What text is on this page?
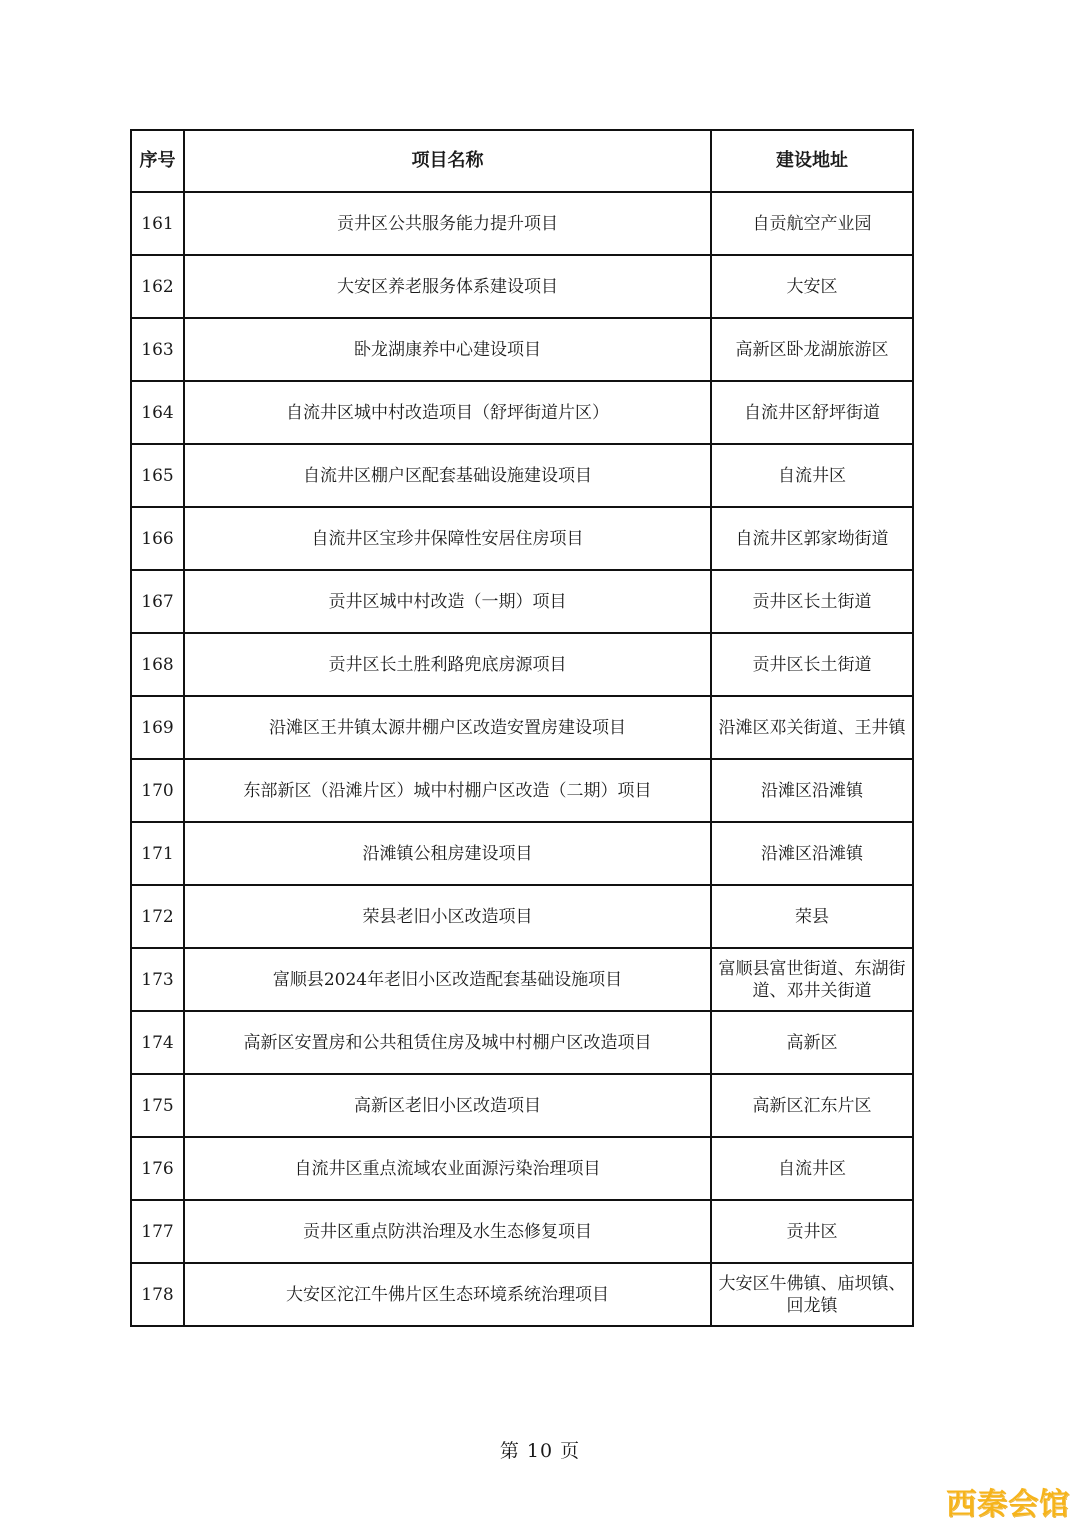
序号	项目名称	建设地址
161	贡井区公共服务能力提升项目	自贡航空产业园
162	大安区养老服务体系建设项目	大安区
163	卧龙湖康养中心建设项目	高新区卧龙湖旅游区
164	自流井区城中村改造项目（舒坪街道片区）	自流井区舒坪街道
165	自流井区棚户区配套基础设施建设项目	自流井区
166	自流井区宝珍井保障性安居住房项目	自流井区郭家坳街道
167	贡井区城中村改造（一期）项目	贡井区长土街道
168	贡井区长土胜利路兜底房源项目	贡井区长土街道
169	沿滩区王井镇太源井棚户区改造安置房建设项目	沿滩区邓关街道、王井镇
170	东部新区（沿滩片区）城中村棚户区改造（二期）项目	沿滩区沿滩镇
171	沿滩镇公租房建设项目	沿滩区沿滩镇
172	荣县老旧小区改造项目	荣县
173	富顺县2024年老旧小区改造配套基础设施项目	富顺县富世街道、东湖街道、邓井关街道
174	高新区安置房和公共租赁住房及城中村棚户区改造项目	高新区
175	高新区老旧小区改造项目	高新区汇东片区
176	自流井区重点流域农业面源污染治理项目	自流井区
177	贡井区重点防洪治理及水生态修复项目	贡井区
178	大安区沱江牛佛片区生态环境系统治理项目	大安区牛佛镇、庙坝镇、回龙镇
第 10 页
西秦会馆
